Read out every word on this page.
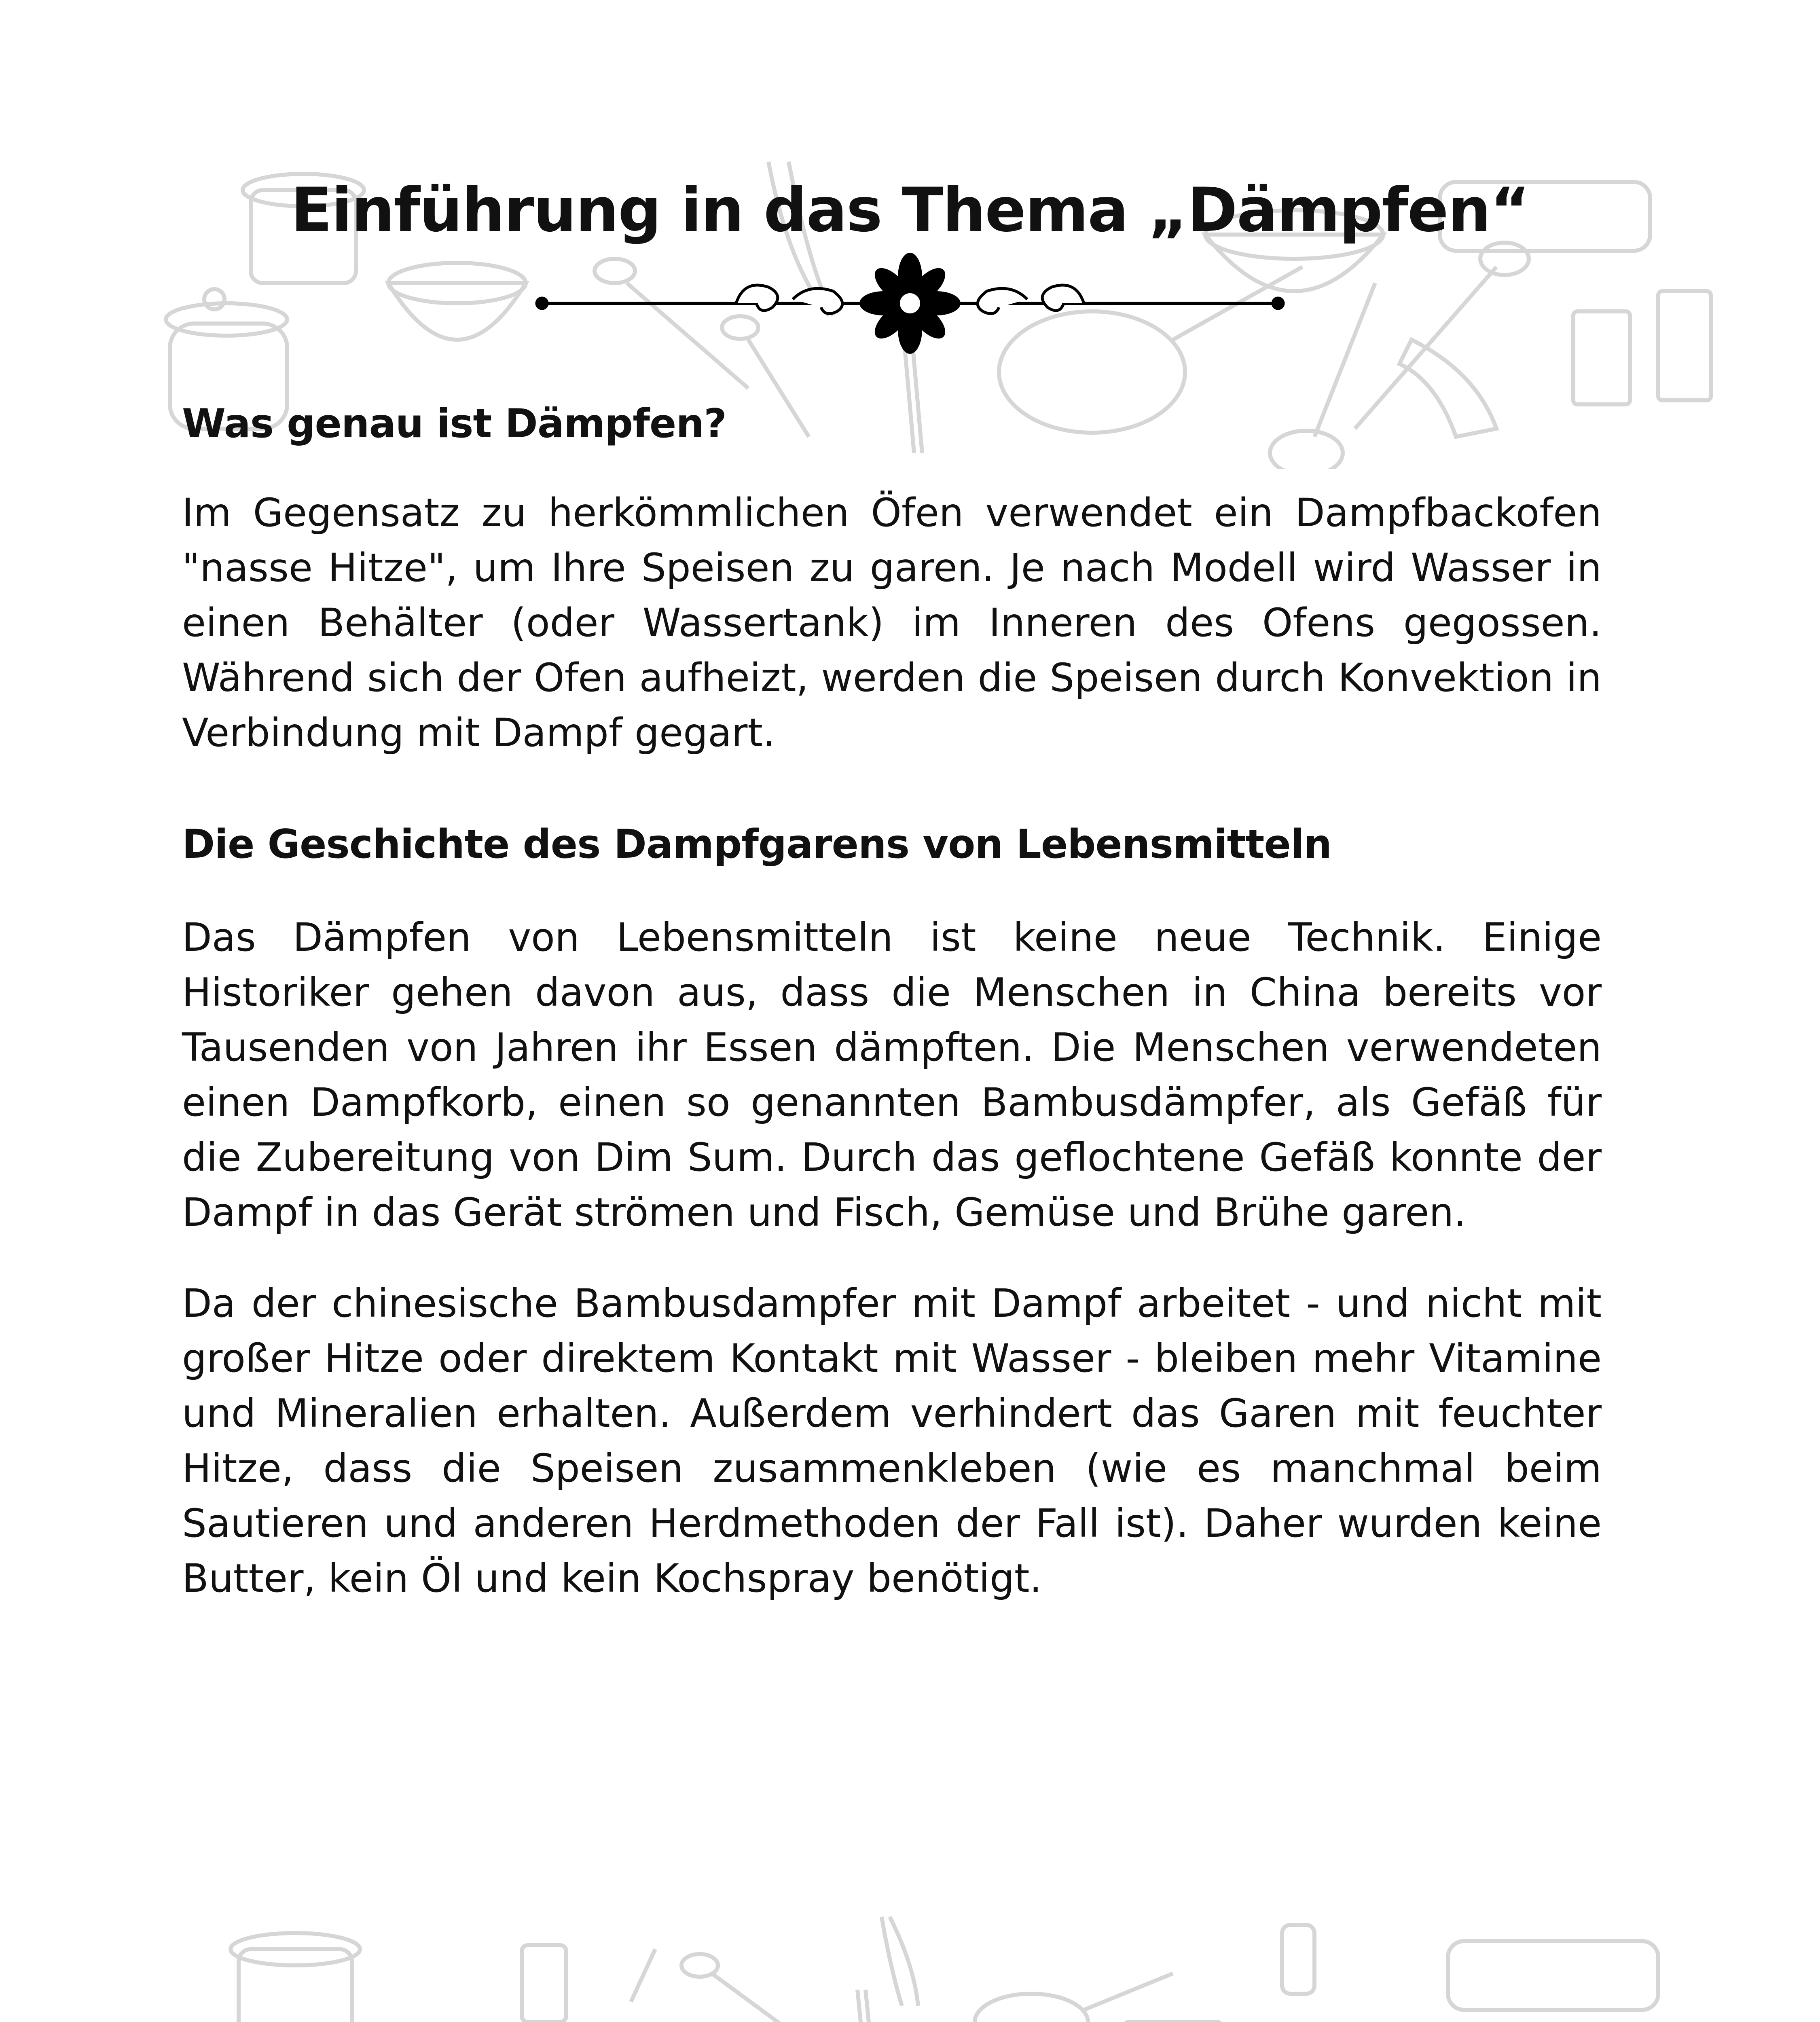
Einführung in das Thema „Dämpfen“
Was genau ist Dämpfen?

Im Gegensatz zu herkömmlichen Öfen verwendet ein Dampfbackofen "nasse Hitze", um Ihre Speisen zu garen. Je nach Modell wird Wasser in einen Behälter (oder Wassertank) im Inneren des Ofens gegossen. Während sich der Ofen aufheizt, werden die Speisen durch Konvektion in Verbindung mit Dampf gegart.

Die Geschichte des Dampfgarens von Lebensmitteln

Das Dämpfen von Lebensmitteln ist keine neue Technik. Einige Historiker gehen davon aus, dass die Menschen in China bereits vor Tausenden von Jahren ihr Essen dämpften. Die Menschen verwendeten einen Dampfkorb, einen so genannten Bambusdämpfer, als Gefäß für die Zubereitung von Dim Sum. Durch das geflochtene Gefäß konnte der Dampf in das Gerät strömen und Fisch, Gemüse und Brühe garen.

Da der chinesische Bambusdampfer mit Dampf arbeitet - und nicht mit großer Hitze oder direktem Kontakt mit Wasser - bleiben mehr Vitamine und Mineralien erhalten. Außerdem verhindert das Garen mit feuchter Hitze, dass die Speisen zusammenkleben (wie es manchmal beim Sautieren und anderen Herdmethoden der Fall ist). Daher wurden keine Butter, kein Öl und kein Kochspray benötigt.
